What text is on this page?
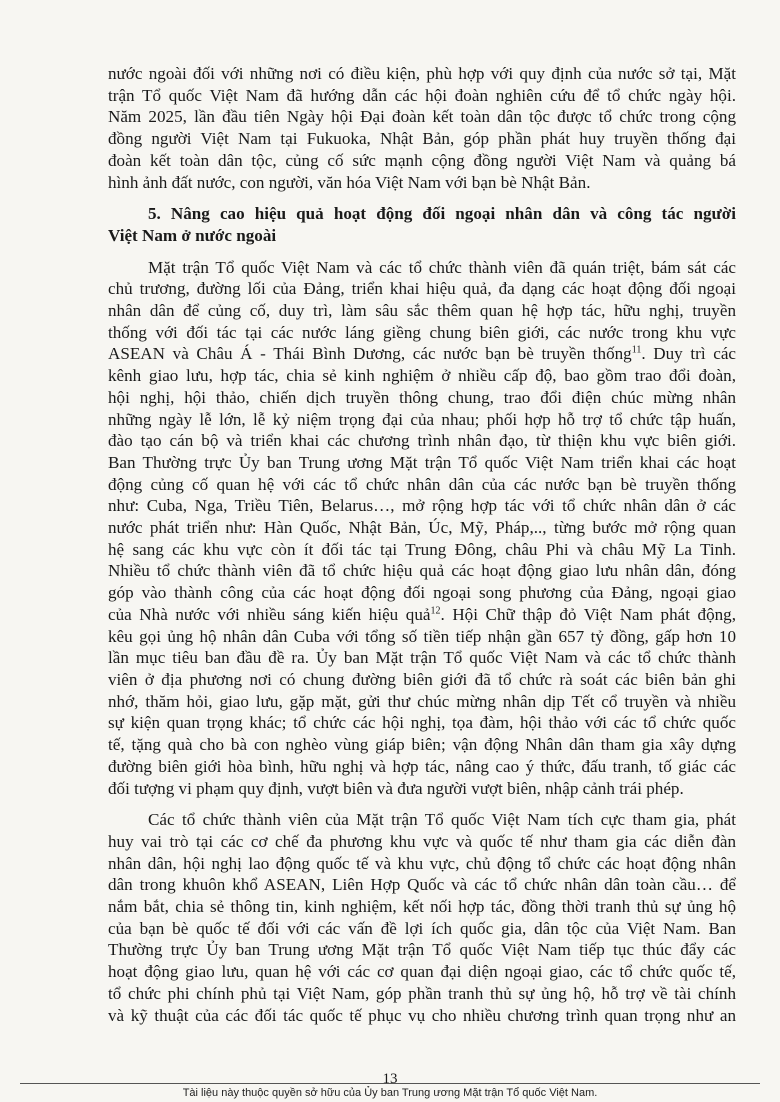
nước ngoài đối với những nơi có điều kiện, phù hợp với quy định của nước sở tại, Mặt
trận Tổ quốc Việt Nam đã hướng dẫn các hội đoàn nghiên cứu để tổ chức ngày hội.
Năm 2025, lần đầu tiên Ngày hội Đại đoàn kết toàn dân tộc được tổ chức trong cộng
đồng người Việt Nam tại Fukuoka, Nhật Bản, góp phần phát huy truyền thống đại
đoàn kết toàn dân tộc, củng cố sức mạnh cộng đồng người Việt Nam và quảng bá
hình ảnh đất nước, con người, văn hóa Việt Nam với bạn bè Nhật Bản.

5. Nâng cao hiệu quả hoạt động đối ngoại nhân dân và công tác người
Việt Nam ở nước ngoài

Mặt trận Tổ quốc Việt Nam và các tổ chức thành viên đã quán triệt, bám sát các
chủ trương, đường lối của Đảng, triển khai hiệu quả, đa dạng các hoạt động đối ngoại
nhân dân để củng cố, duy trì, làm sâu sắc thêm quan hệ hợp tác, hữu nghị, truyền
thống với đối tác tại các nước láng giềng chung biên giới, các nước trong khu vực
ASEAN và Châu Á - Thái Bình Dương, các nước bạn bè truyền thống$^{11}$. Duy trì các
kênh giao lưu, hợp tác, chia sẻ kinh nghiệm ở nhiều cấp độ, bao gồm trao đổi đoàn,
hội nghị, hội thảo, chiến dịch truyền thông chung, trao đổi điện chúc mừng nhân
những ngày lễ lớn, lễ kỷ niệm trọng đại của nhau; phối hợp hỗ trợ tổ chức tập huấn,
đào tạo cán bộ và triển khai các chương trình nhân đạo, từ thiện khu vực biên giới.
Ban Thường trực Ủy ban Trung ương Mặt trận Tổ quốc Việt Nam triển khai các hoạt
động củng cố quan hệ với các tổ chức nhân dân của các nước bạn bè truyền thống
như: Cuba, Nga, Triều Tiên, Belarus…, mở rộng hợp tác với tổ chức nhân dân ở các
nước phát triển như: Hàn Quốc, Nhật Bản, Úc, Mỹ, Pháp,.., từng bước mở rộng quan
hệ sang các khu vực còn ít đối tác tại Trung Đông, châu Phi và châu Mỹ La Tinh.
Nhiều tổ chức thành viên đã tổ chức hiệu quả các hoạt động giao lưu nhân dân, đóng
góp vào thành công của các hoạt động đối ngoại song phương của Đảng, ngoại giao
của Nhà nước với nhiều sáng kiến hiệu quả$^{12}$. Hội Chữ thập đỏ Việt Nam phát động,
kêu gọi ủng hộ nhân dân Cuba với tổng số tiền tiếp nhận gần 657 tỷ đồng, gấp hơn 10
lần mục tiêu ban đầu đề ra. Ủy ban Mặt trận Tổ quốc Việt Nam và các tổ chức thành
viên ở địa phương nơi có chung đường biên giới đã tổ chức rà soát các biên bản ghi
nhớ, thăm hỏi, giao lưu, gặp mặt, gửi thư chúc mừng nhân dịp Tết cổ truyền và nhiều
sự kiện quan trọng khác; tổ chức các hội nghị, tọa đàm, hội thảo với các tổ chức quốc
tế, tặng quà cho bà con nghèo vùng giáp biên; vận động Nhân dân tham gia xây dựng
đường biên giới hòa bình, hữu nghị và hợp tác, nâng cao ý thức, đấu tranh, tố giác các
đối tượng vi phạm quy định, vượt biên và đưa người vượt biên, nhập cảnh trái phép.

Các tổ chức thành viên của Mặt trận Tổ quốc Việt Nam tích cực tham gia, phát
huy vai trò tại các cơ chế đa phương khu vực và quốc tế như tham gia các diễn đàn
nhân dân, hội nghị lao động quốc tế và khu vực, chủ động tổ chức các hoạt động nhân
dân trong khuôn khổ ASEAN, Liên Hợp Quốc và các tổ chức nhân dân toàn cầu… để
nắm bắt, chia sẻ thông tin, kinh nghiệm, kết nối hợp tác, đồng thời tranh thủ sự ủng hộ
của bạn bè quốc tế đối với các vấn đề lợi ích quốc gia, dân tộc của Việt Nam. Ban
Thường trực Ủy ban Trung ương Mặt trận Tổ quốc Việt Nam tiếp tục thúc đẩy các
hoạt động giao lưu, quan hệ với các cơ quan đại diện ngoại giao, các tổ chức quốc tế,
tổ chức phi chính phủ tại Việt Nam, góp phần tranh thủ sự ủng hộ, hỗ trợ về tài chính
và kỹ thuật của các đối tác quốc tế phục vụ cho nhiều chương trình quan trọng như an

13
Tài liệu này thuộc quyền sở hữu của Ủy ban Trung ương Mặt trận Tổ quốc Việt Nam.
